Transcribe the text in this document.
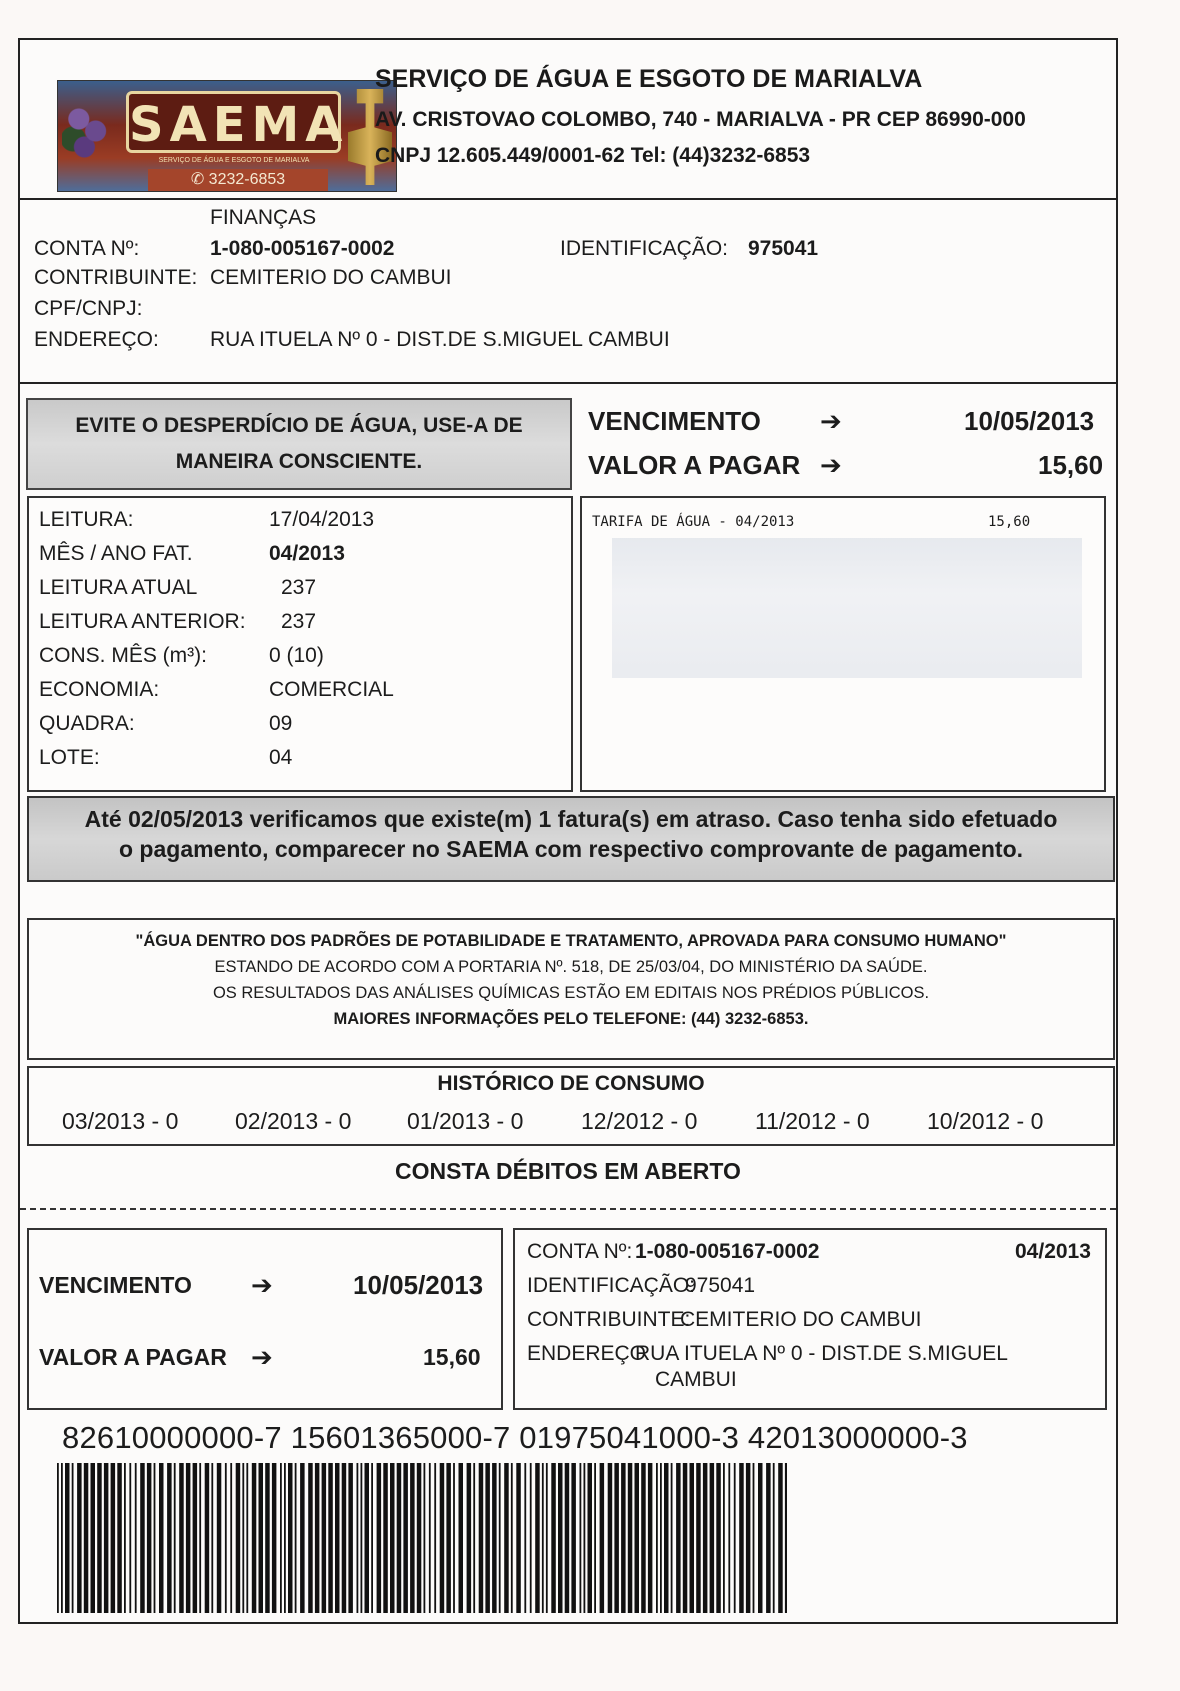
SAEMA
SERVIÇO DE ÁGUA E ESGOTO DE MARIALVA
✆ 3232-6853
SERVIÇO DE ÁGUA E ESGOTO DE MARIALVA
AV. CRISTOVAO COLOMBO, 740 - MARIALVA - PR CEP 86990-000
CNPJ 12.605.449/0001-62 Tel: (44)3232-6853
FINANÇAS
CONTA Nº:	1-080-005167-0002	IDENTIFICAÇÃO: 975041
CONTRIBUINTE: CEMITERIO DO CAMBUI
CPF/CNPJ:
ENDEREÇO: RUA ITUELA Nº 0 - DIST.DE S.MIGUEL CAMBUI
EVITE O DESPERDÍCIO DE ÁGUA, USE-A DE
MANEIRA CONSCIENTE.
VENCIMENTO ➔	10/05/2013
VALOR A PAGAR ➔	15,60
LEITURA:	17/04/2013
MÊS / ANO FAT.	04/2013
LEITURA ATUAL	237
LEITURA ANTERIOR: 237
CONS. MÊS (m³):	0 (10)
ECONOMIA:	COMERCIAL
QUADRA:	09
LOTE:	04
TARIFA DE ÁGUA - 04/2013	15,60
Até 02/05/2013 verificamos que existe(m) 1 fatura(s) em atraso. Caso tenha sido efetuado
o pagamento, comparecer no SAEMA com respectivo comprovante de pagamento.
"ÁGUA DENTRO DOS PADRÕES DE POTABILIDADE E TRATAMENTO, APROVADA PARA CONSUMO HUMANO"
ESTANDO DE ACORDO COM A PORTARIA Nº. 518, DE 25/03/04, DO MINISTÉRIO DA SAÚDE.
OS RESULTADOS DAS ANÁLISES QUÍMICAS ESTÃO EM EDITAIS NOS PRÉDIOS PÚBLICOS.
MAIORES INFORMAÇÕES PELO TELEFONE: (44) 3232-6853.
HISTÓRICO DE CONSUMO
03/2013 - 0 02/2013 - 0 01/2013 - 0	12/2012 - 0	11/2012 - 0 10/2012 - 0
CONSTA DÉBITOS EM ABERTO
VENCIMENTO ➔	10/05/2013
VALOR A PAGAR ➔	15,60
CONTA Nº: 1-080-005167-0002	04/2013
IDENTIFICAÇÃO:
975041
CONTRIBUINTE:
CEMITERIO DO CAMBUI
ENDEREÇO
RUA ITUELA Nº 0 - DIST.DE S.MIGUEL
CAMBUI
82610000000-7 15601365000-7 01975041000-3 42013000000-3
